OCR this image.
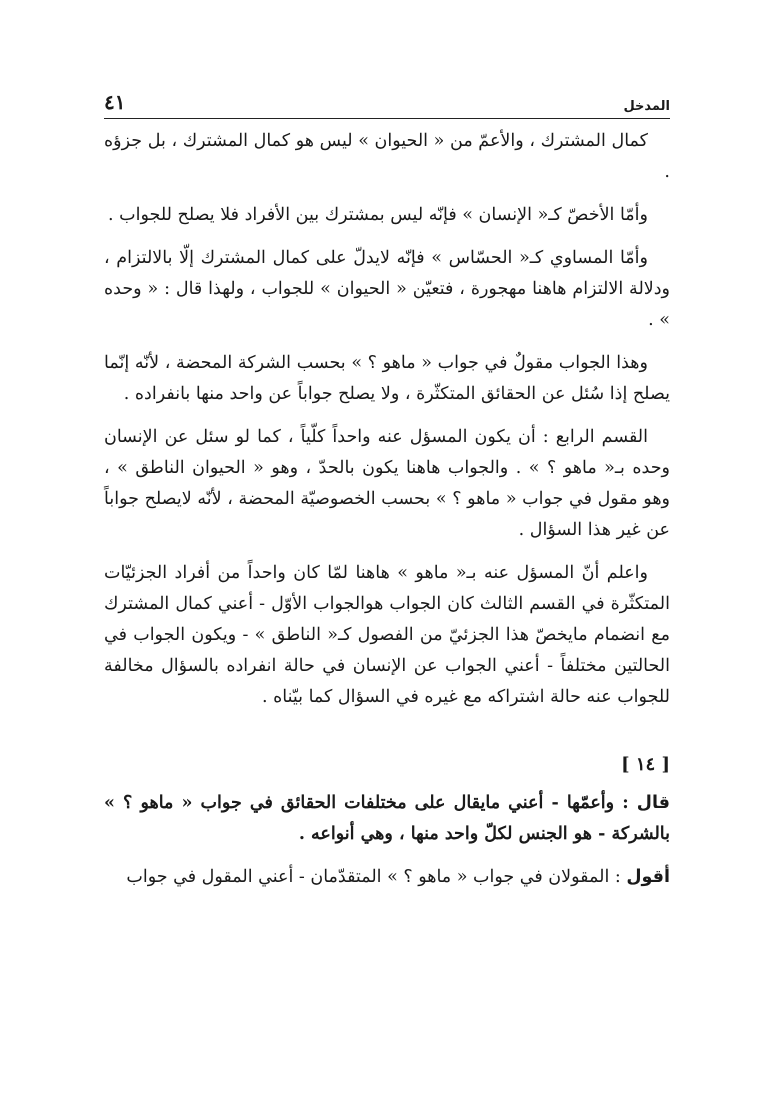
المدخل
٤١

كمال المشترك ، والأعمّ من « الحيوان » ليس هو كمال المشترك ، بل جزؤه .

وأمّا الأخصّ كـ« الإنسان » فإنّه ليس بمشترك بين الأفراد فلا يصلح للجواب .

وأمّا المساوي كـ« الحسّاس » فإنّه لايدلّ على كمال المشترك إلّا بالالتزام ، ودلالة الالتزام هاهنا مهجورة ، فتعيّن « الحيوان » للجواب ، ولهذا قال : « وحده » .

وهذا الجواب مقولٌ في جواب « ماهو ؟ » بحسب الشركة المحضة ، لأنّه إنّما يصلح إذا سُئل عن الحقائق المتكثّرة ، ولا يصلح جواباً عن واحد منها بانفراده .

القسم الرابع : أن يكون المسؤل عنه واحداً كلّياً ، كما لو سئل عن الإنسان وحده بـ« ماهو ؟ » . والجواب هاهنا يكون بالحدّ ، وهو « الحيوان الناطق » ، وهو مقول في جواب « ماهو ؟ » بحسب الخصوصيّة المحضة ، لأنّه لايصلح جواباً عن غير هذا السؤال .

واعلم أنّ المسؤل عنه بـ« ماهو » هاهنا لمّا كان واحداً من أفراد الجزئيّات المتكثّرة في القسم الثالث كان الجواب هوالجواب الأوّل - أعني كمال المشترك مع انضمام مايخصّ هذا الجزئيّ من الفصول كـ« الناطق » - ويكون الجواب في الحالتين مختلفاً - أعني الجواب عن الإنسان في حالة انفراده بالسؤال مخالفة للجواب عنه حالة اشتراكه مع غيره في السؤال كما بيّناه .

[ ١٤ ]

قال : وأعمّها - أعني مايقال على مختلفات الحقائق في جواب « ماهو ؟ » بالشركة - هو الجنس لكلّ واحد منها ، وهي أنواعه .

أقول : المقولان في جواب « ماهو ؟ » المتقدّمان - أعني المقول في جواب
